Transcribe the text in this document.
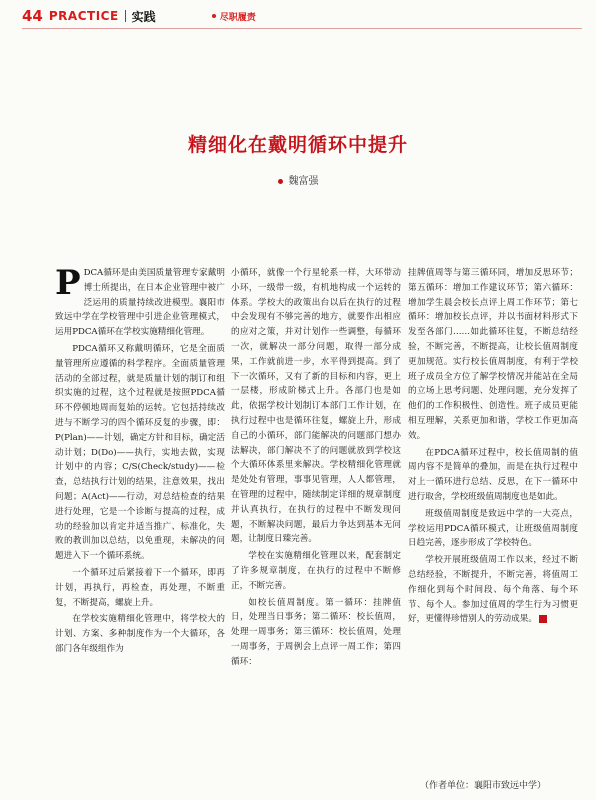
44 PRACTICE 实践	尽职履责
精细化在戴明循环中提升
魏富强

PDCA循环是由美国质量管理专家戴明博士所提出，在日本企业管理中被广泛运用的质量持续改进模型。襄阳市致远中学在学校管理中引进企业管理模式，运用PDCA循环在学校实施精细化管理。

PDCA循环又称戴明循环，它是全面质量管理所应遵循的科学程序。全面质量管理活动的全部过程，就是质量计划的制订和组织实施的过程，这个过程就是按照PDCA循环不停顿地周而复始的运转。它包括持续改进与不断学习的四个循环反复的步骤，即：P(Plan)——计划，确定方针和目标，确定活动计划；D(Do)——执行，实地去做，实现计划中的内容；C/S(Check/study)——检查，总结执行计划的结果，注意效果，找出问题；A(Act)——行动，对总结检查的结果进行处理，它是一个诊断与提高的过程，成功的经验加以肯定并适当推广、标准化，失败的教训加以总结，以免重现，未解决的问题进入下一个循环系统。

一个循环过后紧接着下一个循环，即再计划，再执行，再检查，再处理，不断重复，不断提高，螺旋上升。

在学校实施精细化管理中，将学校大的计划、方案、多种制度作为一个大循环，各部门各年级组作为

小循环，就像一个行星轮系一样，大环带动小环，一级带一级，有机地构成一个运转的体系。学校大的政策出台以后在执行的过程中会发现有不够完善的地方，就要作出相应的应对之策，并对计划作一些调整，每循环一次，就解决一部分问题，取得一部分成果，工作就前进一步，水平得到提高。到了下一次循环，又有了新的目标和内容，更上一层楼，形成阶梯式上升。各部门也是如此，依据学校计划制订本部门工作计划，在执行过程中也是循环往复，螺旋上升，形成自己的小循环，部门能解决的问题部门想办法解决，部门解决不了的问题就放到学校这个大循环体系里来解决。学校精细化管理就是处处有管理，事事见管理，人人都管理，在管理的过程中，随续制定详细的规章制度并认真执行，在执行的过程中不断发现问题，不断解决问题，最后力争达到基本无问题，让制度日臻完善。

学校在实施精细化管理以来，配套制定了许多规章制度，在执行的过程中不断修正，不断完善。

如校长值周制度。第一循环：挂牌值日，处理当日事务；第二循环：校长值周，处理一周事务；第三循环：校长值周，处理一周事务，于周例会上点评一周工作；第四循环：

挂牌值周等与第三循环同，增加反思环节；第五循环：增加工作建议环节；第六循环：增加学生晨会校长点评上周工作环节；第七循环：增加校长点评，并以书面材料形式下发至各部门……如此循环往复，不断总结经验，不断完善，不断提高，让校长值周制度更加规范。实行校长值周制度，有利于学校班子成员全方位了解学校情况并能站在全局的立场上思考问题、处理问题，充分发挥了他们的工作积极性、创造性。班子成员更能相互理解，关系更加和谐，学校工作更加高效。

在PDCA循环过程中，校长值周制的值周内容不是简单的叠加，而是在执行过程中对上一循环进行总结、反思，在下一循环中进行取舍，学校班级值周制度也是如此。

班级值周制度是致远中学的一大亮点，学校运用PDCA循环模式，让班级值周制度日趋完善，逐步形成了学校特色。

学校开展班级值周工作以来，经过不断总结经验，不断提升，不断完善，将值周工作细化到每个时间段、每个角落、每个环节、每个人。参加过值周的学生行为习惯更好，更懂得珍惜别人的劳动成果。

（作者单位：襄阳市致远中学）
